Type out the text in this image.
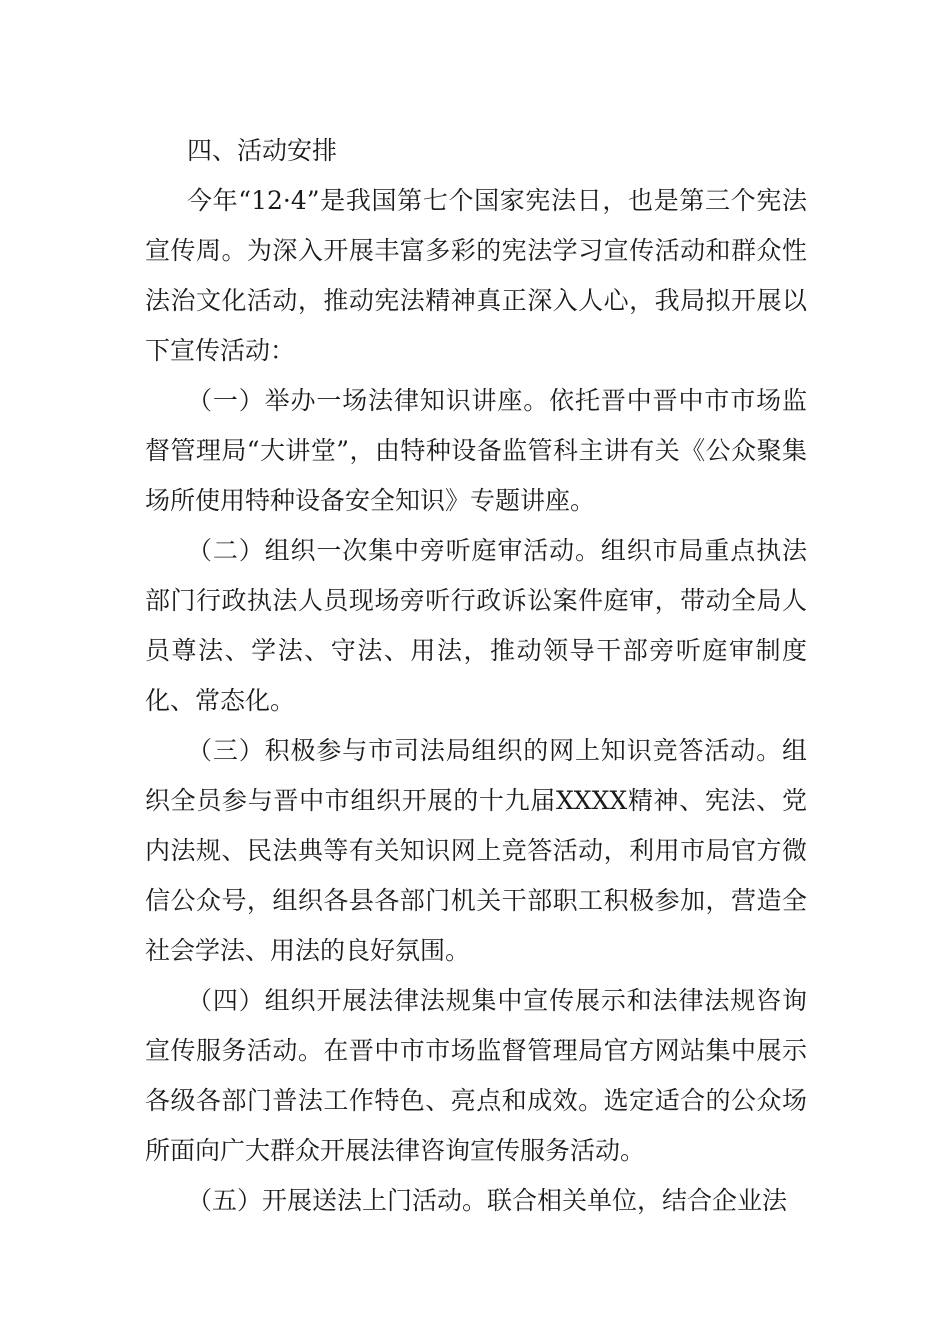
四、活动安排

今年“12·4”是我国第七个国家宪法日，也是第三个宪法宣传周。为深入开展丰富多彩的宪法学习宣传活动和群众性法治文化活动，推动宪法精神真正深入人心，我局拟开展以下宣传活动：

（一）举办一场法律知识讲座。依托晋中晋中市市场监督管理局“大讲堂”，由特种设备监管科主讲有关《公众聚集场所使用特种设备安全知识》专题讲座。

（二）组织一次集中旁听庭审活动。组织市局重点执法部门行政执法人员现场旁听行政诉讼案件庭审，带动全局人员尊法、学法、守法、用法，推动领导干部旁听庭审制度化、常态化。

（三）积极参与市司法局组织的网上知识竞答活动。组织全员参与晋中市组织开展的十九届XXXX精神、宪法、党内法规、民法典等有关知识网上竞答活动，利用市局官方微信公众号，组织各县各部门机关干部职工积极参加，营造全社会学法、用法的良好氛围。

（四）组织开展法律法规集中宣传展示和法律法规咨询宣传服务活动。在晋中市市场监督管理局官方网站集中展示各级各部门普法工作特色、亮点和成效。选定适合的公众场所面向广大群众开展法律咨询宣传服务活动。

（五）开展送法上门活动。联合相关单位，结合企业法
